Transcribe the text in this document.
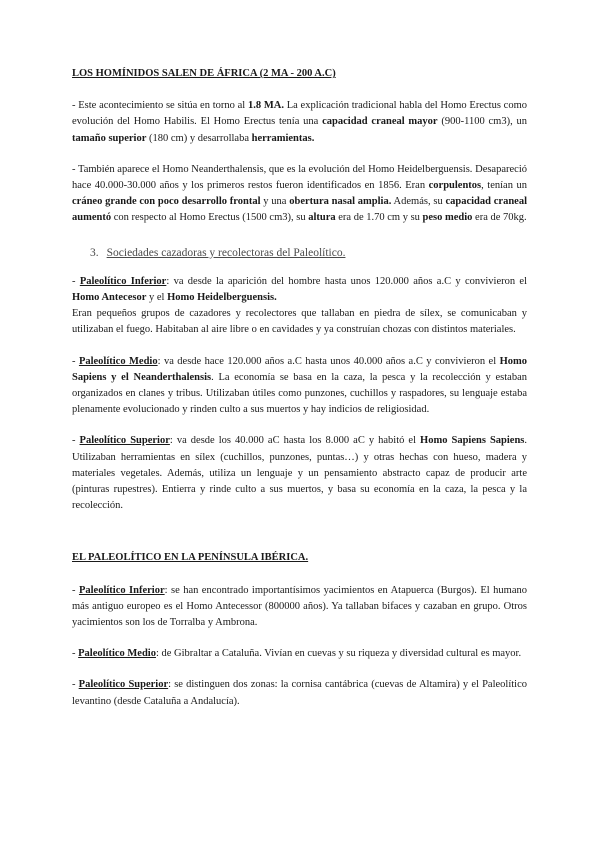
LOS HOMÍNIDOS SALEN DE ÁFRICA (2 MA - 200 A.C)

- Este acontecimiento se sitúa en torno al 1.8 MA. La explicación tradicional habla del Homo Erectus como evolución del Homo Habilis. El Homo Erectus tenía una capacidad craneal mayor (900-1100 cm3), un tamaño superior (180 cm) y desarrollaba herramientas.

- También aparece el Homo Neanderthalensis, que es la evolución del Homo Heidelberguensis. Desapareció hace 40.000-30.000 años y los primeros restos fueron identificados en 1856. Eran corpulentos, tenían un cráneo grande con poco desarrollo frontal y una obertura nasal amplia. Además, su capacidad craneal aumentó con respecto al Homo Erectus (1500 cm3), su altura era de 1.70 cm y su peso medio era de 70kg.

3. Sociedades cazadoras y recolectoras del Paleolítico.

- Paleolítico Inferior: va desde la aparición del hombre hasta unos 120.000 años a.C y convivieron el Homo Antecesor y el Homo Heidelberguensis.
Eran pequeños grupos de cazadores y recolectores que tallaban en piedra de sílex, se comunicaban y utilizaban el fuego. Habitaban al aire libre o en cavidades y ya construían chozas con distintos materiales.

- Paleolítico Medio: va desde hace 120.000 años a.C hasta unos 40.000 años a.C y convivieron el Homo Sapiens y el Neanderthalensis. La economía se basa en la caza, la pesca y la recolección y estaban organizados en clanes y tribus. Utilizaban útiles como punzones, cuchillos y raspadores, su lenguaje estaba plenamente evolucionado y rinden culto a sus muertos y hay indicios de religiosidad.

- Paleolítico Superior: va desde los 40.000 aC hasta los 8.000 aC y habitó el Homo Sapiens Sapiens. Utilizaban herramientas en sílex (cuchillos, punzones, puntas…) y otras hechas con hueso, madera y materiales vegetales. Además, utiliza un lenguaje y un pensamiento abstracto capaz de producir arte (pinturas rupestres). Entierra y rinde culto a sus muertos, y basa su economía en la caza, la pesca y la recolección.

EL PALEOLÍTICO EN LA PENÍNSULA IBÉRICA.

- Paleolítico Inferior: se han encontrado importantísimos yacimientos en Atapuerca (Burgos). El humano más antiguo europeo es el Homo Antecessor (800000 años). Ya tallaban bifaces y cazaban en grupo. Otros yacimientos son los de Torralba y Ambrona.

- Paleolítico Medio: de Gibraltar a Cataluña. Vivían en cuevas y su riqueza y diversidad cultural es mayor.

- Paleolítico Superior: se distinguen dos zonas: la cornisa cantábrica (cuevas de Altamira) y el Paleolítico levantino (desde Cataluña a Andalucía).
